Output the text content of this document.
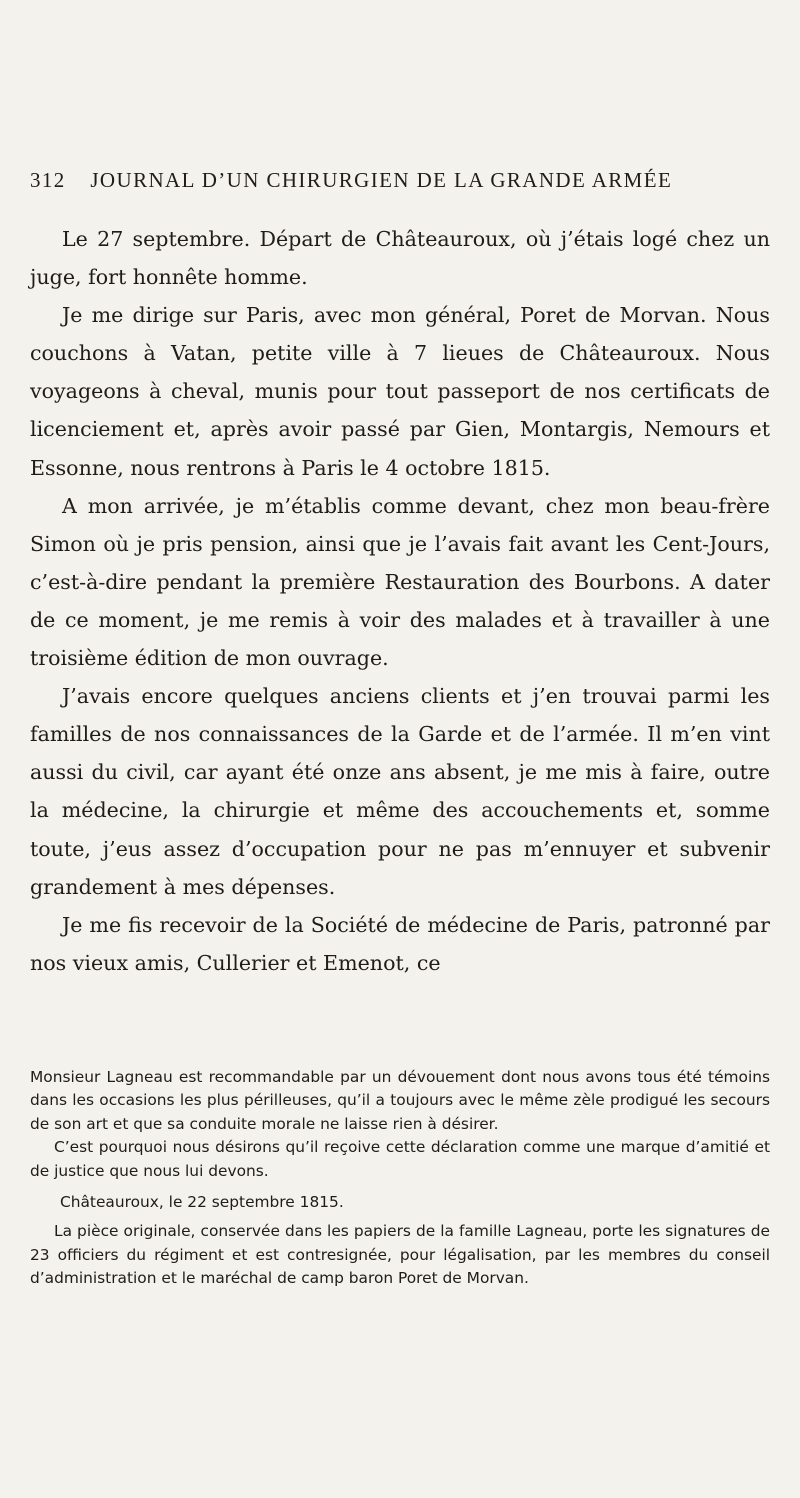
312 JOURNAL D’UN CHIRURGIEN DE LA GRANDE ARMÉE

Le 27 septembre. Départ de Châteauroux, où j’étais logé chez un juge, fort honnête homme.

Je me dirige sur Paris, avec mon général, Poret de Morvan. Nous couchons à Vatan, petite ville à 7 lieues de Châteauroux. Nous voyageons à cheval, munis pour tout passeport de nos certificats de licenciement et, après avoir passé par Gien, Montargis, Nemours et Essonne, nous rentrons à Paris le 4 octobre 1815.

A mon arrivée, je m’établis comme devant, chez mon beau-frère Simon où je pris pension, ainsi que je l’avais fait avant les Cent-Jours, c’est-à-dire pendant la première Restauration des Bourbons. A dater de ce moment, je me remis à voir des malades et à travailler à une troisième édition de mon ouvrage.

J’avais encore quelques anciens clients et j’en trouvai parmi les familles de nos connaissances de la Garde et de l’armée. Il m’en vint aussi du civil, car ayant été onze ans absent, je me mis à faire, outre la médecine, la chirurgie et même des accouchements et, somme toute, j’eus assez d’occupation pour ne pas m’ennuyer et subvenir grandement à mes dépenses.

Je me fis recevoir de la Société de médecine de Paris, patronné par nos vieux amis, Cullerier et Emenot, ce

Monsieur Lagneau est recommandable par un dévouement dont nous avons tous été témoins dans les occasions les plus périlleuses, qu’il a toujours avec le même zèle prodigué les secours de son art et que sa conduite morale ne laisse rien à désirer.

C’est pourquoi nous désirons qu’il reçoive cette déclaration comme une marque d’amitié et de justice que nous lui devons.

Châteauroux, le 22 septembre 1815.

La pièce originale, conservée dans les papiers de la famille Lagneau, porte les signatures de 23 officiers du régiment et est contresignée, pour légalisation, par les membres du conseil d’administration et le maréchal de camp baron Poret de Morvan.
